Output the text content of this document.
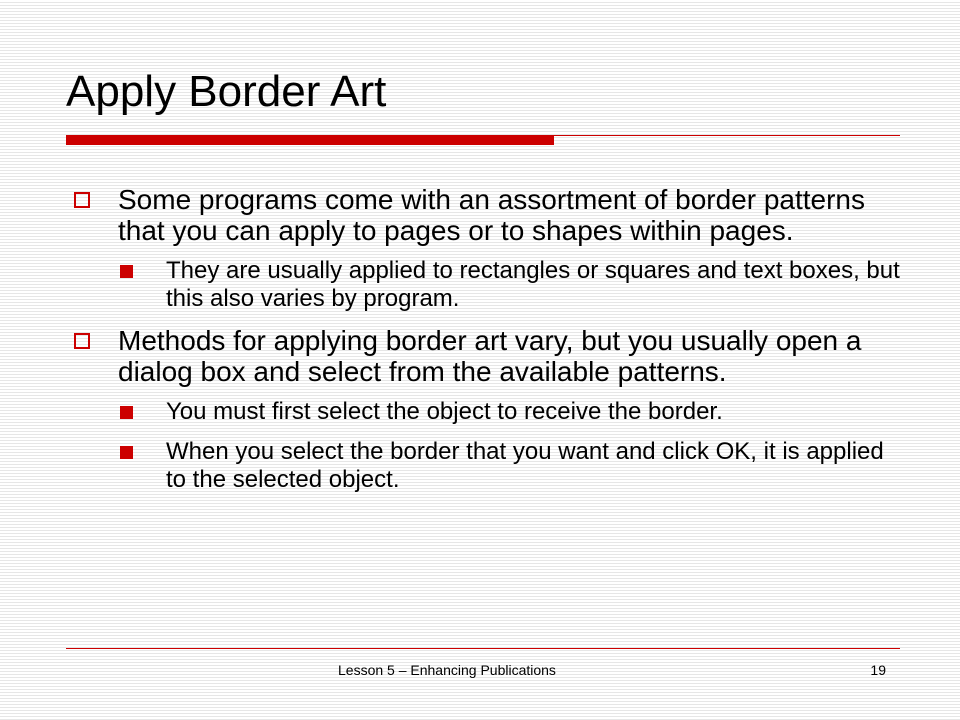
Apply Border Art
Some programs come with an assortment of border patterns that you can apply to pages or to shapes within pages.
They are usually applied to rectangles or squares and text boxes, but this also varies by program.
Methods for applying border art vary, but you usually open a dialog box and select from the available patterns.
You must first select the object to receive the border.
When you select the border that you want and click OK, it is applied to the selected object.
Lesson 5 – Enhancing Publications	19
